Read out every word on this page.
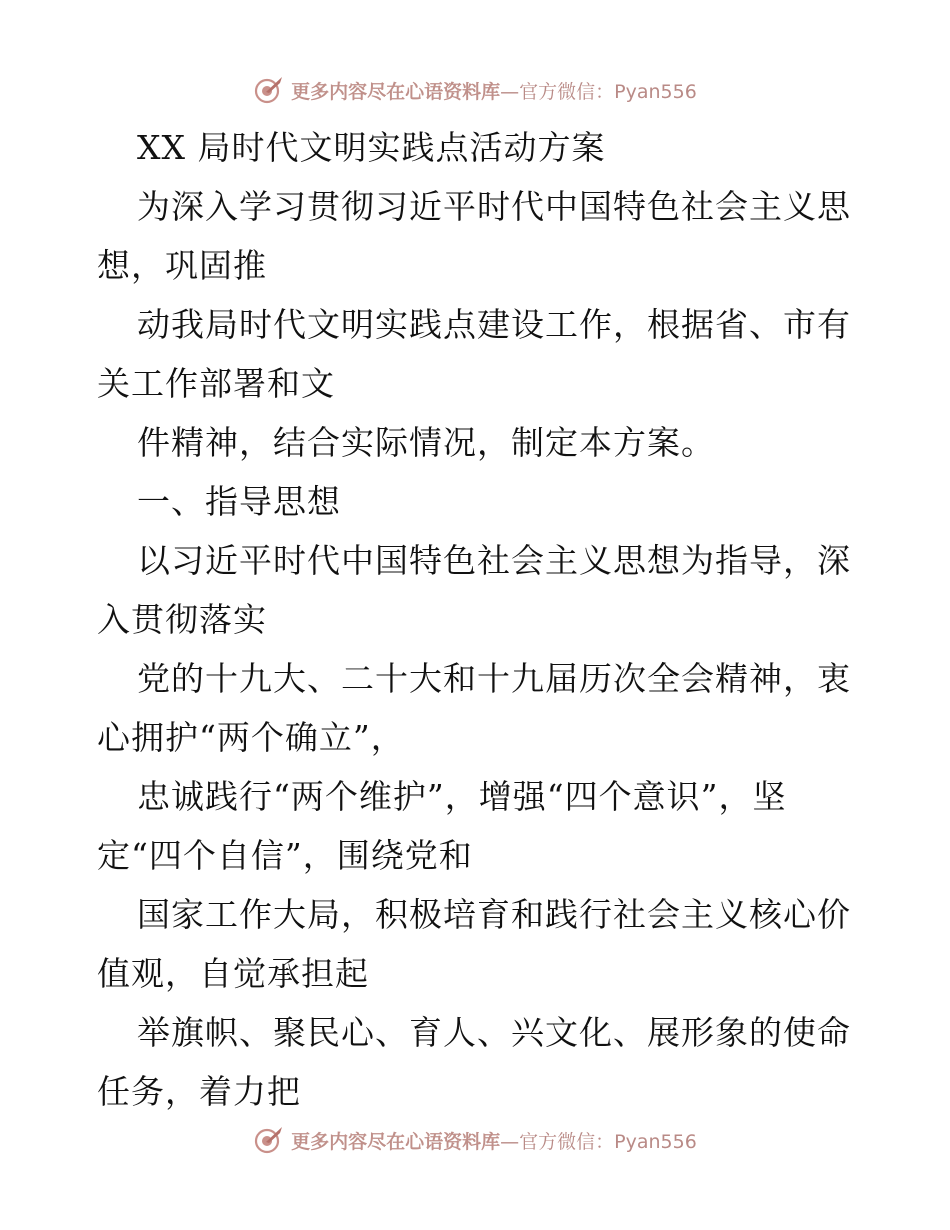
更多内容尽在心语资料库—官方微信：Pyan556
XX 局时代文明实践点活动方案
为深入学习贯彻习近平时代中国特色社会主义思
想，巩固推
动我局时代文明实践点建设工作，根据省、市有
关工作部署和文
件精神，结合实际情况，制定本方案。
一、指导思想
以习近平时代中国特色社会主义思想为指导，深
入贯彻落实
党的十九大、二十大和十九届历次全会精神，衷
心拥护“两个确立”，
忠诚践行“两个维护”，增强“四个意识”，坚
定“四个自信”，围绕党和
国家工作大局，积极培育和践行社会主义核心价
值观，自觉承担起
举旗帜、聚民心、育人、兴文化、展形象的使命
任务，着力把
更多内容尽在心语资料库—官方微信：Pyan556
